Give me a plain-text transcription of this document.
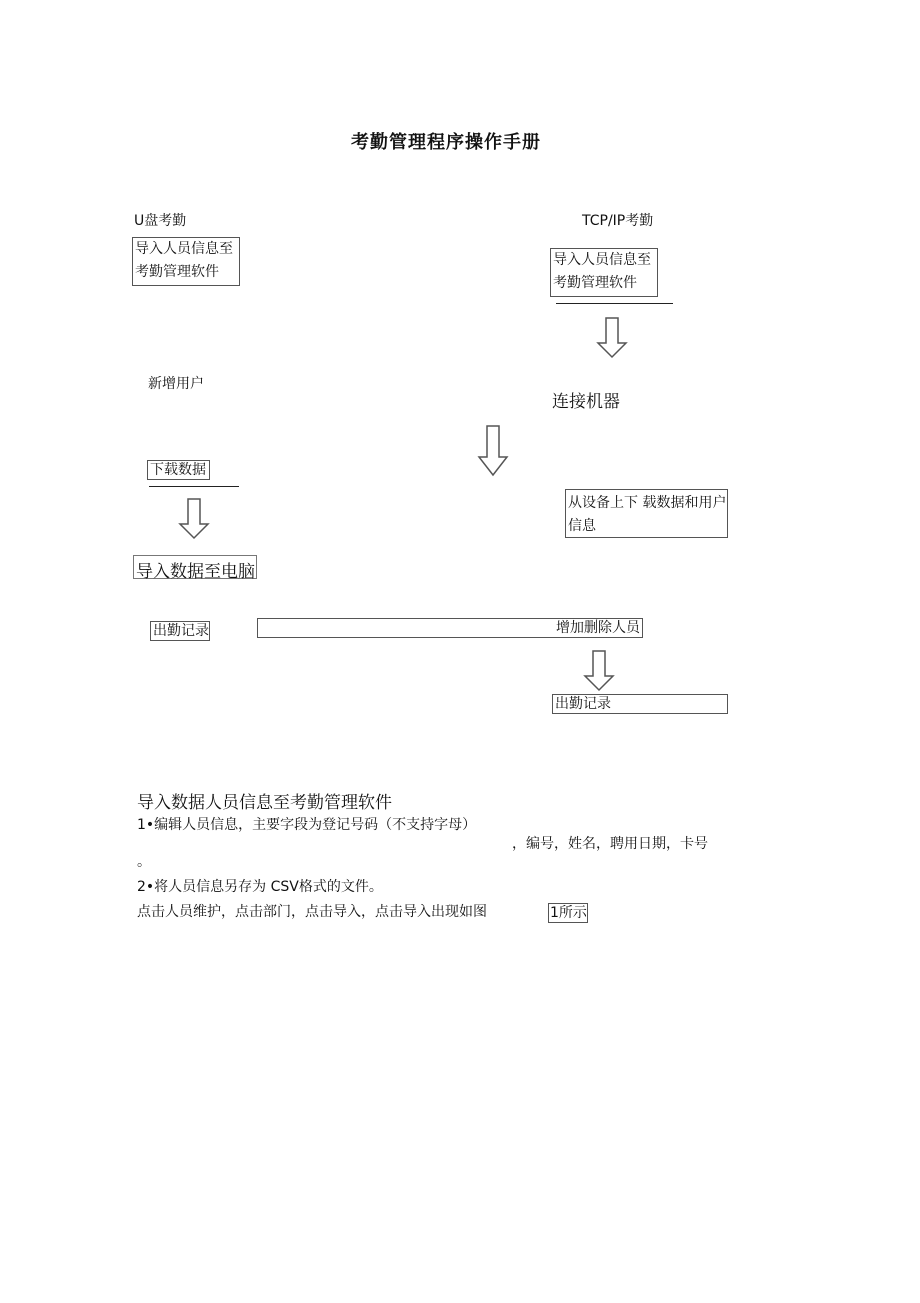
考勤管理程序操作手册
U盘考勤
导入人员信息至考勤管理软件
新增用户
下载数据
导入数据至电脑
出勤记录
TCP/IP考勤
导入人员信息至考勤管理软件
连接机器
从设备上下 载数据和用户信息
增加删除人员
出勤记录
导入数据人员信息至考勤管理软件
1•编辑人员信息，主要字段为登记号码（不支持字母）
，编号，姓名，聘用日期，卡号
。
2•将人员信息另存为 CSV格式的文件。
点击人员维护，点击部门，点击导入，点击导入出现如图	1所示
